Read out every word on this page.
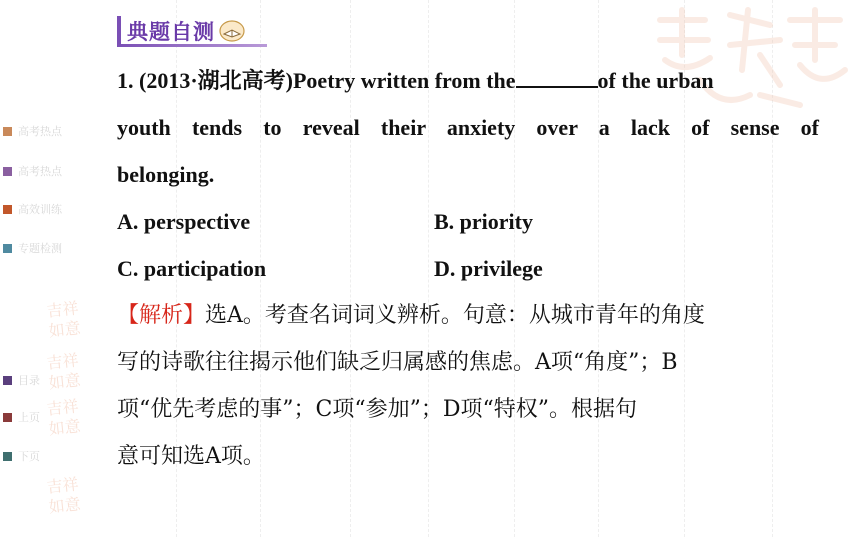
高考热点
高考热点
高效训练
专题检测
吉祥
如意
吉祥
如意
吉祥
如意
吉祥
如意
目录
上页
下页
典题自测
1. (2013·湖北高考)Poetry written from the	of the urban
youth tends to reveal their anxiety over a lack of sense of
belonging.
A. perspective	B. priority
C. participation	D. privilege
【解析】选A。考查名词词义辨析。句意：从城市青年的角度
写的诗歌往往揭示他们缺乏归属感的焦虑。A项“角度”；B
项“优先考虑的事”；C项“参加”；D项“特权”。根据句
意可知选A项。
